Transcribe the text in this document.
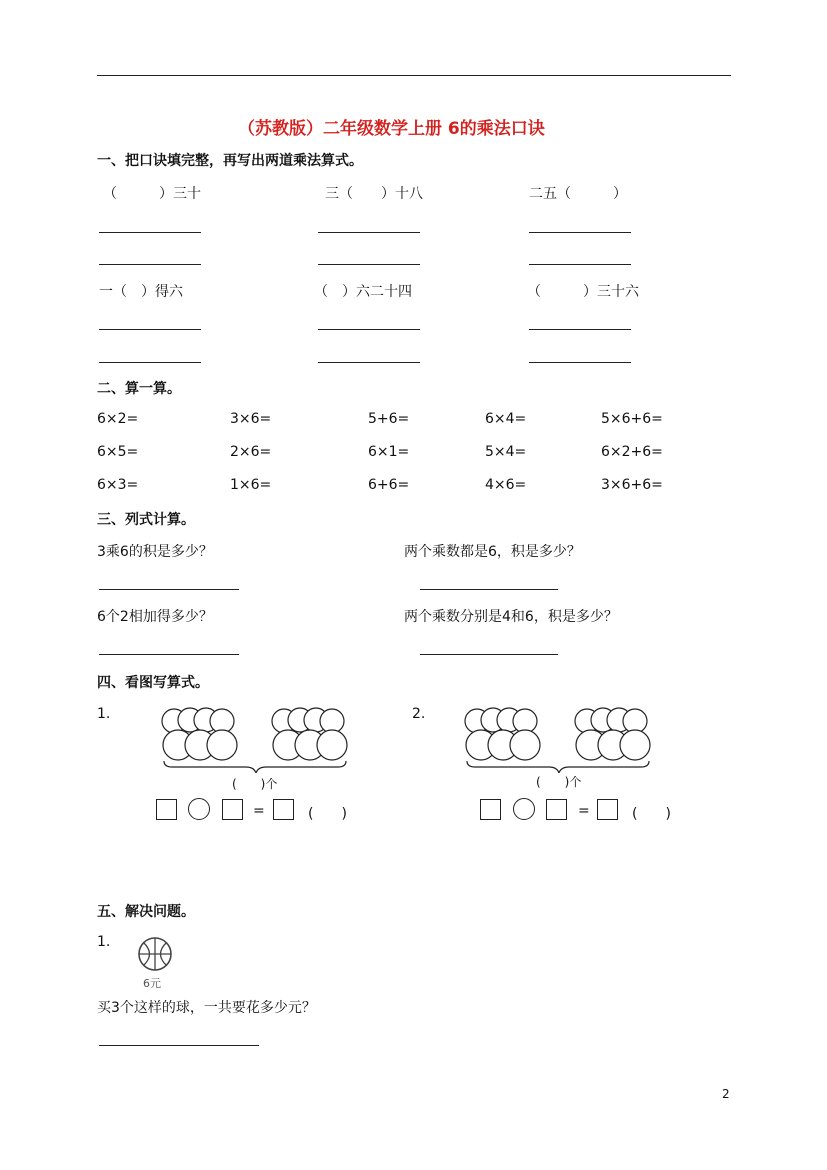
（苏教版）二年级数学上册 6的乘法口诀
一、把口诀填完整，再写出两道乘法算式。
（　　　）三十	三（　　）十八	二五（　　　）
一（　）得六	（　）六二十四	（　　　）三十六
二、算一算。
6×2=	3×6=	5+6=	6×4=	5×6+6=
6×5=	2×6=	6×1=	5×4=	6×2+6=
6×3=	1×6=	6+6=	4×6=	3×6+6=
三、列式计算。
3乘6的积是多少？	两个乘数都是6，积是多少？
6个2相加得多少？	两个乘数分别是4和6，积是多少？
四、看图写算式。
1.
(　　)个
=	(　　)
2.
(　　)个
=	(　　)
五、解决问题。
1.
6元
买3个这样的球，一共要花多少元？
2
